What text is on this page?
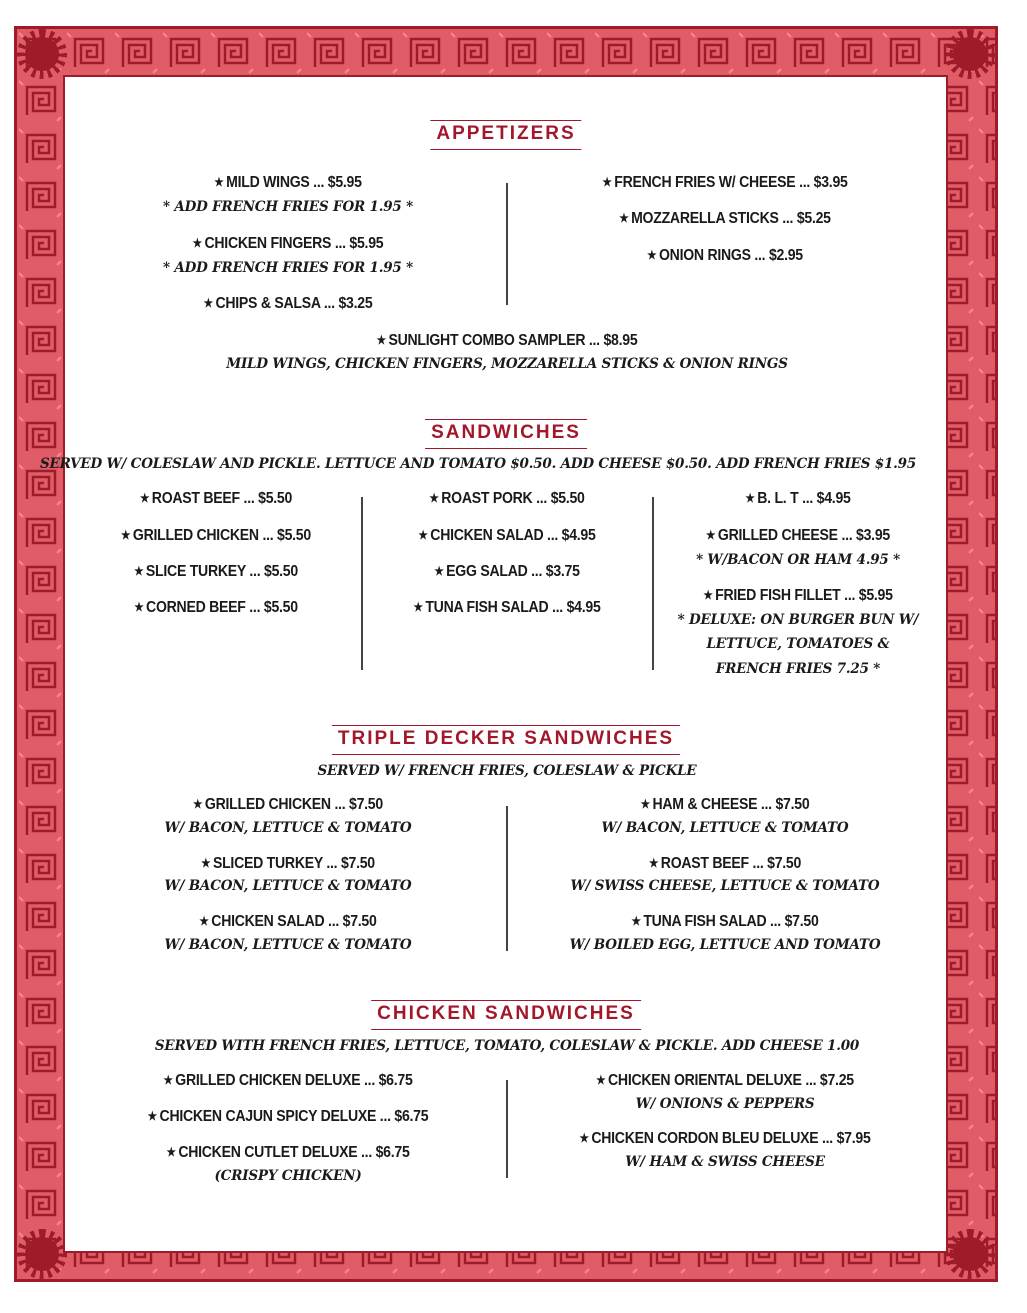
APPETIZERS
★ MILD WINGS ... $5.95
* ADD FRENCH FRIES FOR 1.95 *
★ CHICKEN FINGERS ... $5.95
* ADD FRENCH FRIES FOR 1.95 *
★ CHIPS & SALSA ... $3.25
★ FRENCH FRIES W/ CHEESE ... $3.95
★ MOZZARELLA STICKS ... $5.25
★ ONION RINGS ... $2.95
★ SUNLIGHT COMBO SAMPLER ... $8.95
MILD WINGS, CHICKEN FINGERS, MOZZARELLA STICKS & ONION RINGS
SANDWICHES
SERVED W/ COLESLAW AND PICKLE. LETTUCE AND TOMATO $0.50. ADD CHEESE $0.50. ADD FRENCH FRIES $1.95
★ ROAST BEEF ... $5.50
★ GRILLED CHICKEN ... $5.50
★ SLICE TURKEY ... $5.50
★ CORNED BEEF ... $5.50
★ ROAST PORK ... $5.50
★ CHICKEN SALAD ... $4.95
★ EGG SALAD ... $3.75
★ TUNA FISH SALAD ... $4.95
★ B. L. T ... $4.95
★ GRILLED CHEESE ... $3.95
* W/BACON OR HAM 4.95 *
★ FRIED FISH FILLET ... $5.95
* DELUXE: ON BURGER BUN W/
LETTUCE, TOMATOES &
FRENCH FRIES 7.25 *
TRIPLE DECKER SANDWICHES
SERVED W/ FRENCH FRIES, COLESLAW & PICKLE
★ GRILLED CHICKEN ... $7.50
W/ BACON, LETTUCE & TOMATO
★ SLICED TURKEY ... $7.50
W/ BACON, LETTUCE & TOMATO
★ CHICKEN SALAD ... $7.50
W/ BACON, LETTUCE & TOMATO
★ HAM & CHEESE ... $7.50
W/ BACON, LETTUCE & TOMATO
★ ROAST BEEF ... $7.50
W/ SWISS CHEESE, LETTUCE & TOMATO
★ TUNA FISH SALAD ... $7.50
W/ BOILED EGG, LETTUCE AND TOMATO
CHICKEN SANDWICHES
SERVED WITH FRENCH FRIES, LETTUCE, TOMATO, COLESLAW & PICKLE. ADD CHEESE 1.00
★ GRILLED CHICKEN DELUXE ... $6.75
★ CHICKEN CAJUN SPICY DELUXE ... $6.75
★ CHICKEN CUTLET DELUXE ... $6.75
(CRISPY CHICKEN)
★ CHICKEN ORIENTAL DELUXE ... $7.25
W/ ONIONS & PEPPERS
★ CHICKEN CORDON BLEU DELUXE ... $7.95
W/ HAM & SWISS CHEESE
